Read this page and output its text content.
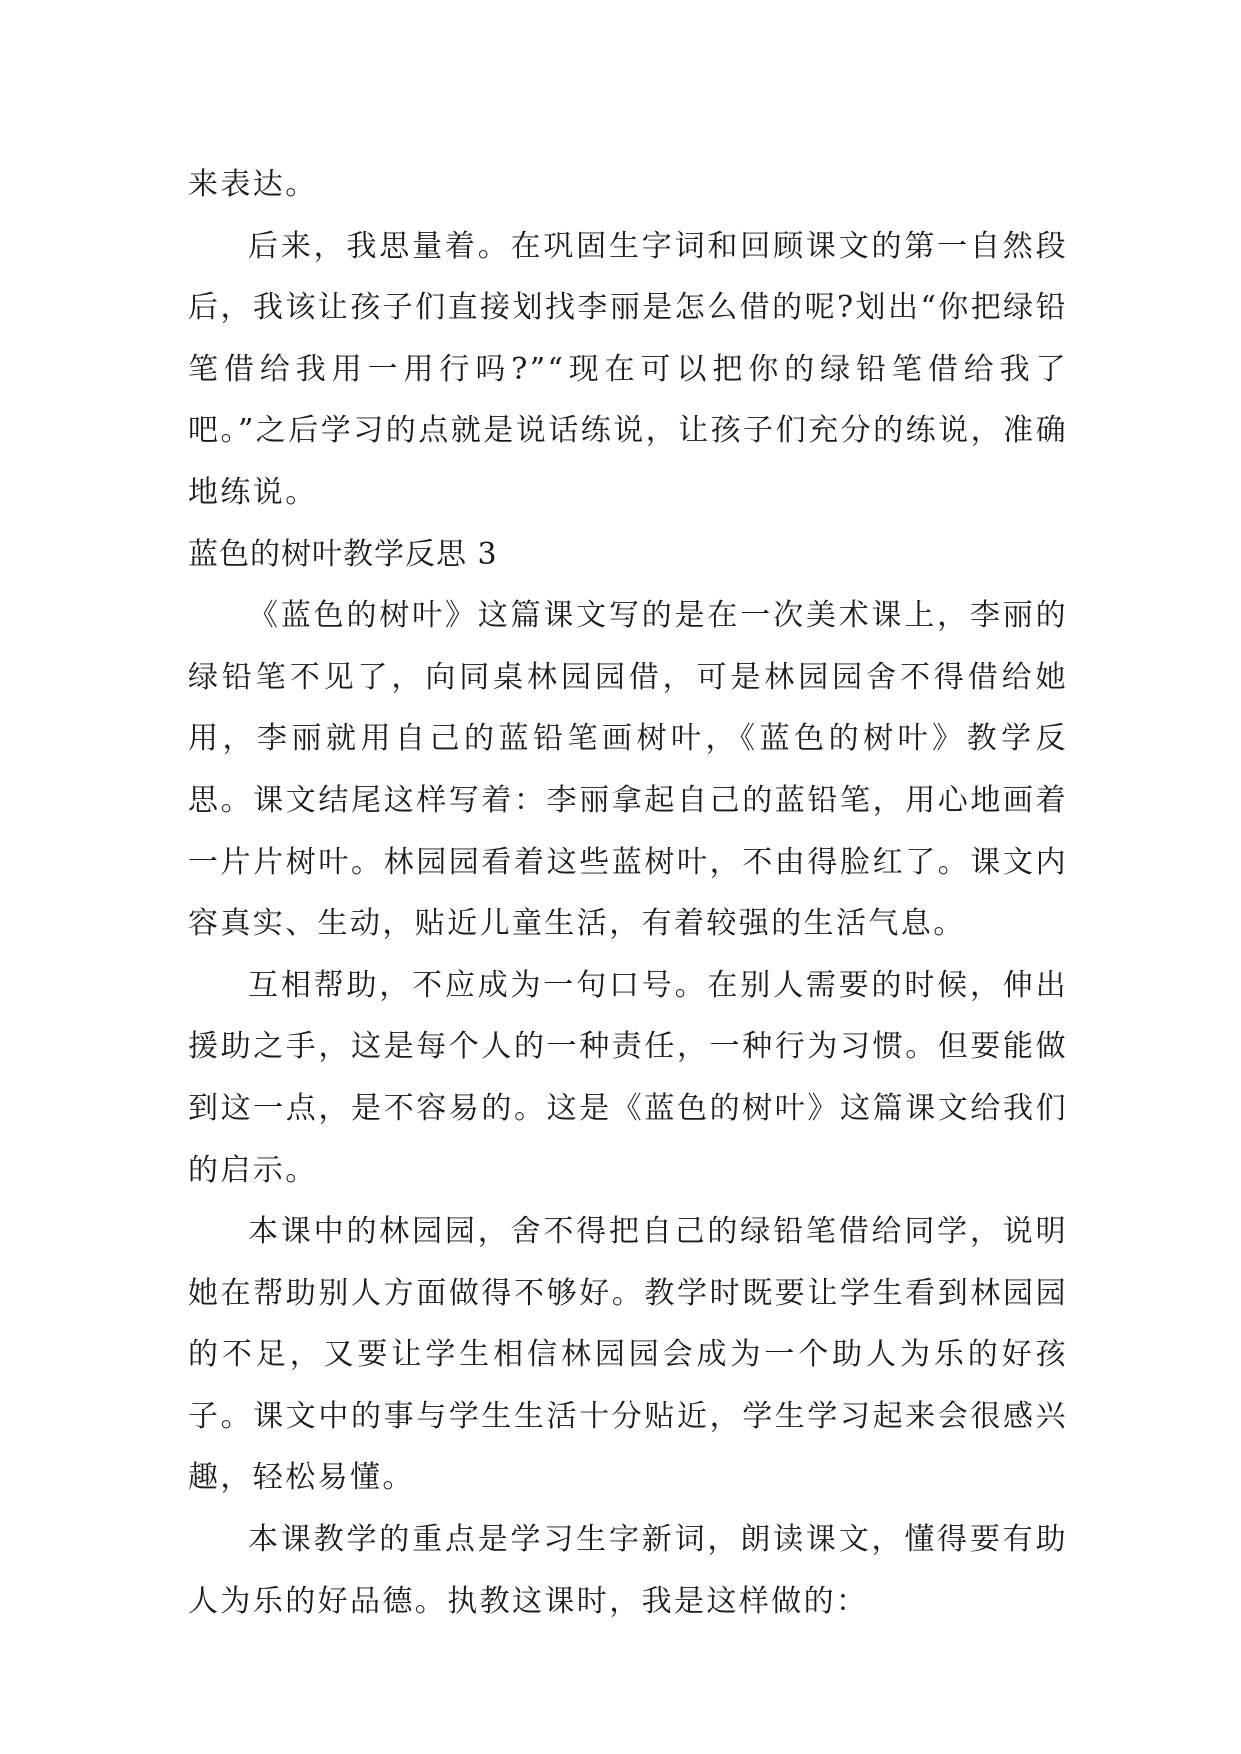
来表达。

后来，我思量着。在巩固生字词和回顾课文的第一自然段后，我该让孩子们直接划找李丽是怎么借的呢?划出“你把绿铅笔借给我用一用行吗?”“现在可以把你的绿铅笔借给我了吧。”之后学习的点就是说话练说，让孩子们充分的练说，准确地练说。

蓝色的树叶教学反思 3

《蓝色的树叶》这篇课文写的是在一次美术课上，李丽的绿铅笔不见了，向同桌林园园借，可是林园园舍不得借给她用，李丽就用自己的蓝铅笔画树叶，《蓝色的树叶》教学反思。课文结尾这样写着：李丽拿起自己的蓝铅笔，用心地画着一片片树叶。林园园看着这些蓝树叶，不由得脸红了。课文内容真实、生动，贴近儿童生活，有着较强的生活气息。

互相帮助，不应成为一句口号。在别人需要的时候，伸出援助之手，这是每个人的一种责任，一种行为习惯。但要能做到这一点，是不容易的。这是《蓝色的树叶》这篇课文给我们的启示。

本课中的林园园，舍不得把自己的绿铅笔借给同学，说明她在帮助别人方面做得不够好。教学时既要让学生看到林园园的不足，又要让学生相信林园园会成为一个助人为乐的好孩子。课文中的事与学生生活十分贴近，学生学习起来会很感兴趣，轻松易懂。

本课教学的重点是学习生字新词，朗读课文，懂得要有助人为乐的好品德。执教这课时，我是这样做的：
